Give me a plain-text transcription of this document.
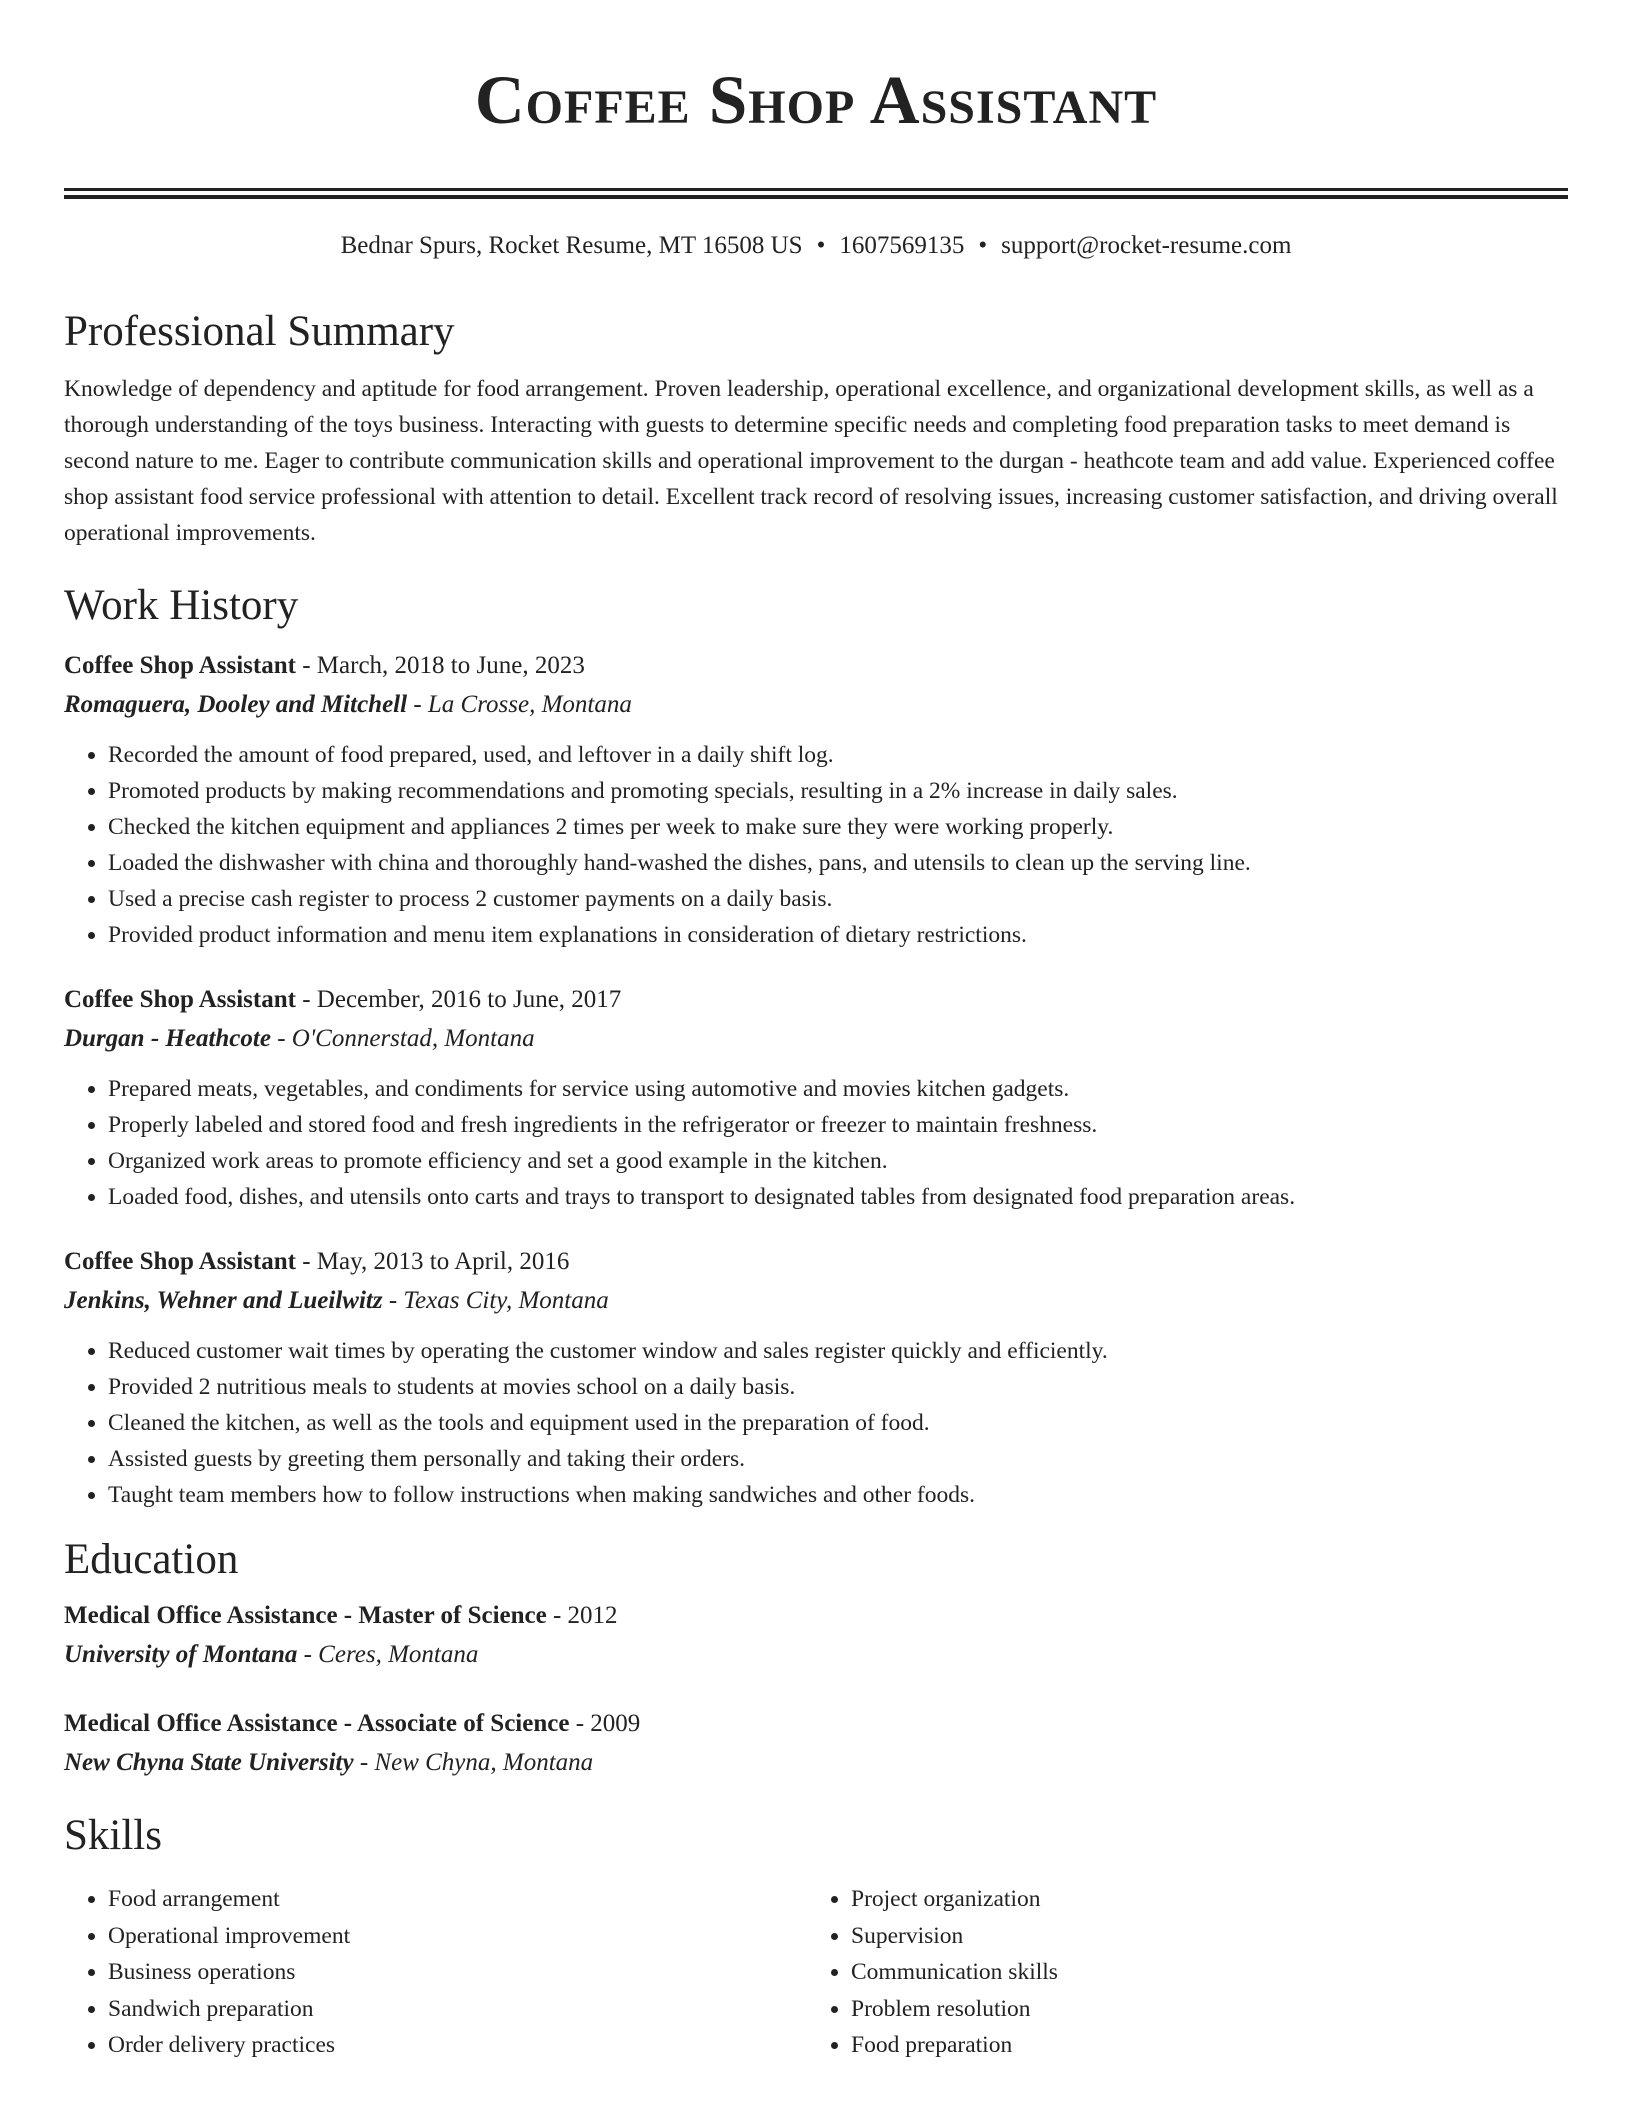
Coffee Shop Assistant
Bednar Spurs, Rocket Resume, MT 16508 US • 1607569135 • support@rocket-resume.com
Professional Summary

Knowledge of dependency and aptitude for food arrangement. Proven leadership, operational excellence, and organizational development skills, as well as a thorough understanding of the toys business. Interacting with guests to determine specific needs and completing food preparation tasks to meet demand is second nature to me. Eager to contribute communication skills and operational improvement to the durgan - heathcote team and add value. Experienced coffee shop assistant food service professional with attention to detail. Excellent track record of resolving issues, increasing customer satisfaction, and driving overall operational improvements.

Work History
Coffee Shop Assistant - March, 2018 to June, 2023
Romaguera, Dooley and Mitchell - La Crosse, Montana
• Recorded the amount of food prepared, used, and leftover in a daily shift log.
• Promoted products by making recommendations and promoting specials, resulting in a 2% increase in daily sales.
• Checked the kitchen equipment and appliances 2 times per week to make sure they were working properly.
• Loaded the dishwasher with china and thoroughly hand-washed the dishes, pans, and utensils to clean up the serving line.
• Used a precise cash register to process 2 customer payments on a daily basis.
• Provided product information and menu item explanations in consideration of dietary restrictions.
Coffee Shop Assistant - December, 2016 to June, 2017
Durgan - Heathcote - O'Connerstad, Montana
• Prepared meats, vegetables, and condiments for service using automotive and movies kitchen gadgets.
• Properly labeled and stored food and fresh ingredients in the refrigerator or freezer to maintain freshness.
• Organized work areas to promote efficiency and set a good example in the kitchen.
• Loaded food, dishes, and utensils onto carts and trays to transport to designated tables from designated food preparation areas.
Coffee Shop Assistant - May, 2013 to April, 2016
Jenkins, Wehner and Lueilwitz - Texas City, Montana
• Reduced customer wait times by operating the customer window and sales register quickly and efficiently.
• Provided 2 nutritious meals to students at movies school on a daily basis.
• Cleaned the kitchen, as well as the tools and equipment used in the preparation of food.
• Assisted guests by greeting them personally and taking their orders.
• Taught team members how to follow instructions when making sandwiches and other foods.
Education
Medical Office Assistance - Master of Science - 2012
University of Montana - Ceres, Montana
Medical Office Assistance - Associate of Science - 2009
New Chyna State University - New Chyna, Montana
Skills
• Food arrangement
• Operational improvement
• Business operations
• Sandwich preparation
• Order delivery practices
• Project organization
• Supervision
• Communication skills
• Problem resolution
• Food preparation
